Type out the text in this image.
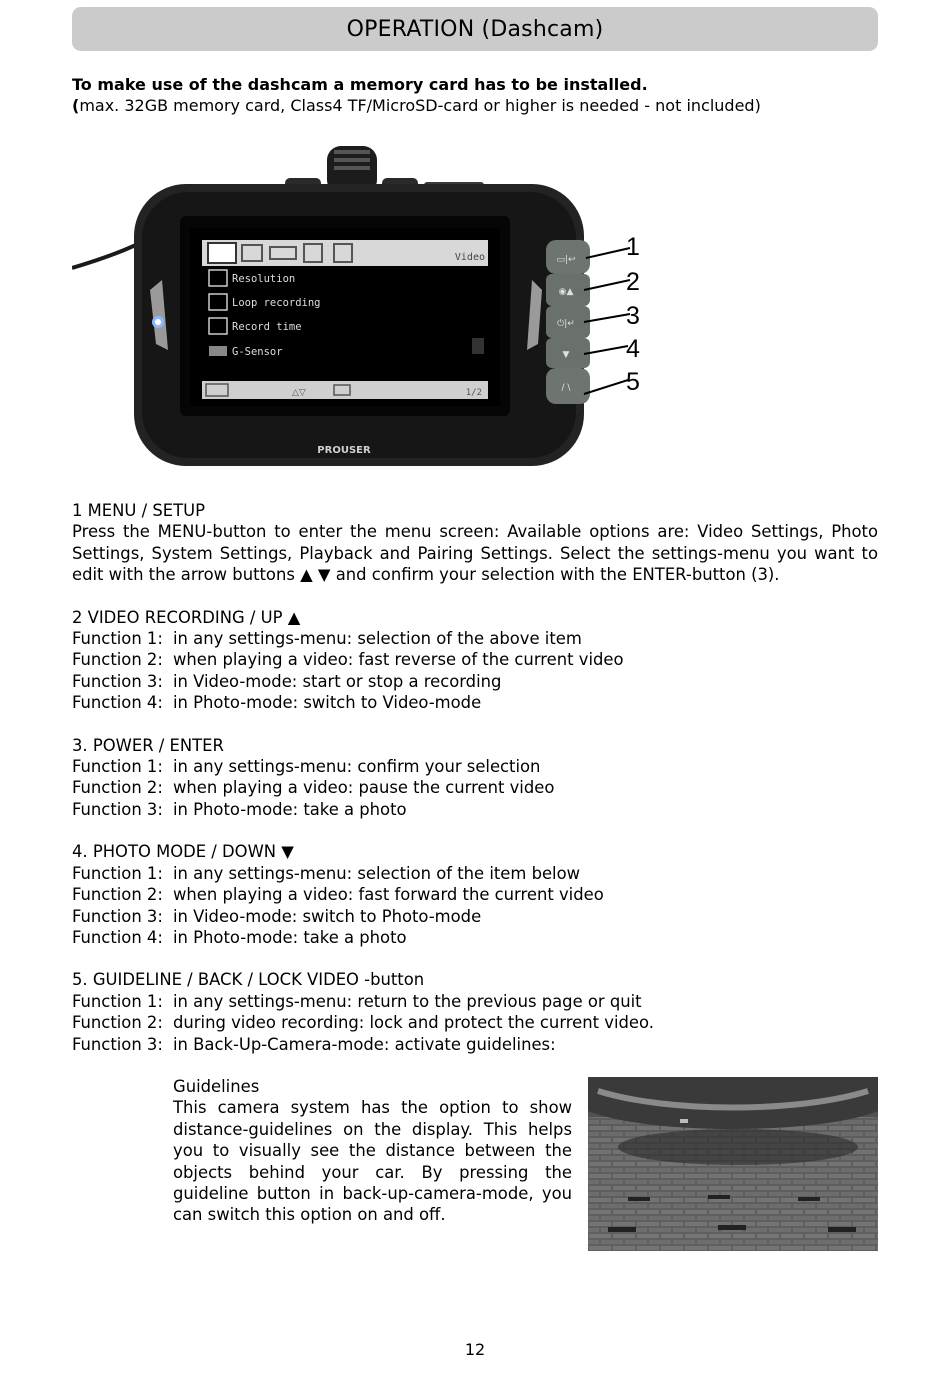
OPERATION (Dashcam)
To make use of the dashcam a memory card has to be installed.
(max. 32GB memory card, Class4 TF/MicroSD-card or higher is needed - not included)
Video
Resolution
Loop recording
Record time
G-Sensor
△▽	1/2
PROUSER
▭|↩
◉▲
⏻|↵
▼
/ \
1
2
3
4
5
1 MENU / SETUP

Press the MENU-button to enter the menu screen: Available options are: Video Settings, Photo Settings, System Settings, Playback and Pairing Settings. Select the settings-menu you want to edit with the arrow buttons ▲ ▼ and confirm your selection with the ENTER-button (3).

2 VIDEO RECORDING / UP ▲
Function 1: in any settings-menu: selection of the above item
Function 2: when playing a video: fast reverse of the current video
Function 3: in Video-mode: start or stop a recording
Function 4: in Photo-mode: switch to Video-mode
3. POWER / ENTER
Function 1: in any settings-menu: confirm your selection
Function 2: when playing a video: pause the current video
Function 3: in Photo-mode: take a photo
4. PHOTO MODE / DOWN ▼
Function 1: in any settings-menu: selection of the item below
Function 2: when playing a video: fast forward the current video
Function 3: in Video-mode: switch to Photo-mode
Function 4: in Photo-mode: take a photo
5. GUIDELINE / BACK / LOCK VIDEO -button
Function 1: in any settings-menu: return to the previous page or quit
Function 2: during video recording: lock and protect the current video.
Function 3: in Back-Up-Camera-mode: activate guidelines:
Guidelines

This camera system has the option to show distance-guidelines on the display. This helps you to visually see the distance between the objects behind your car. By pressing the guideline button in back-up-camera-mode, you can switch this option on and off.

12
